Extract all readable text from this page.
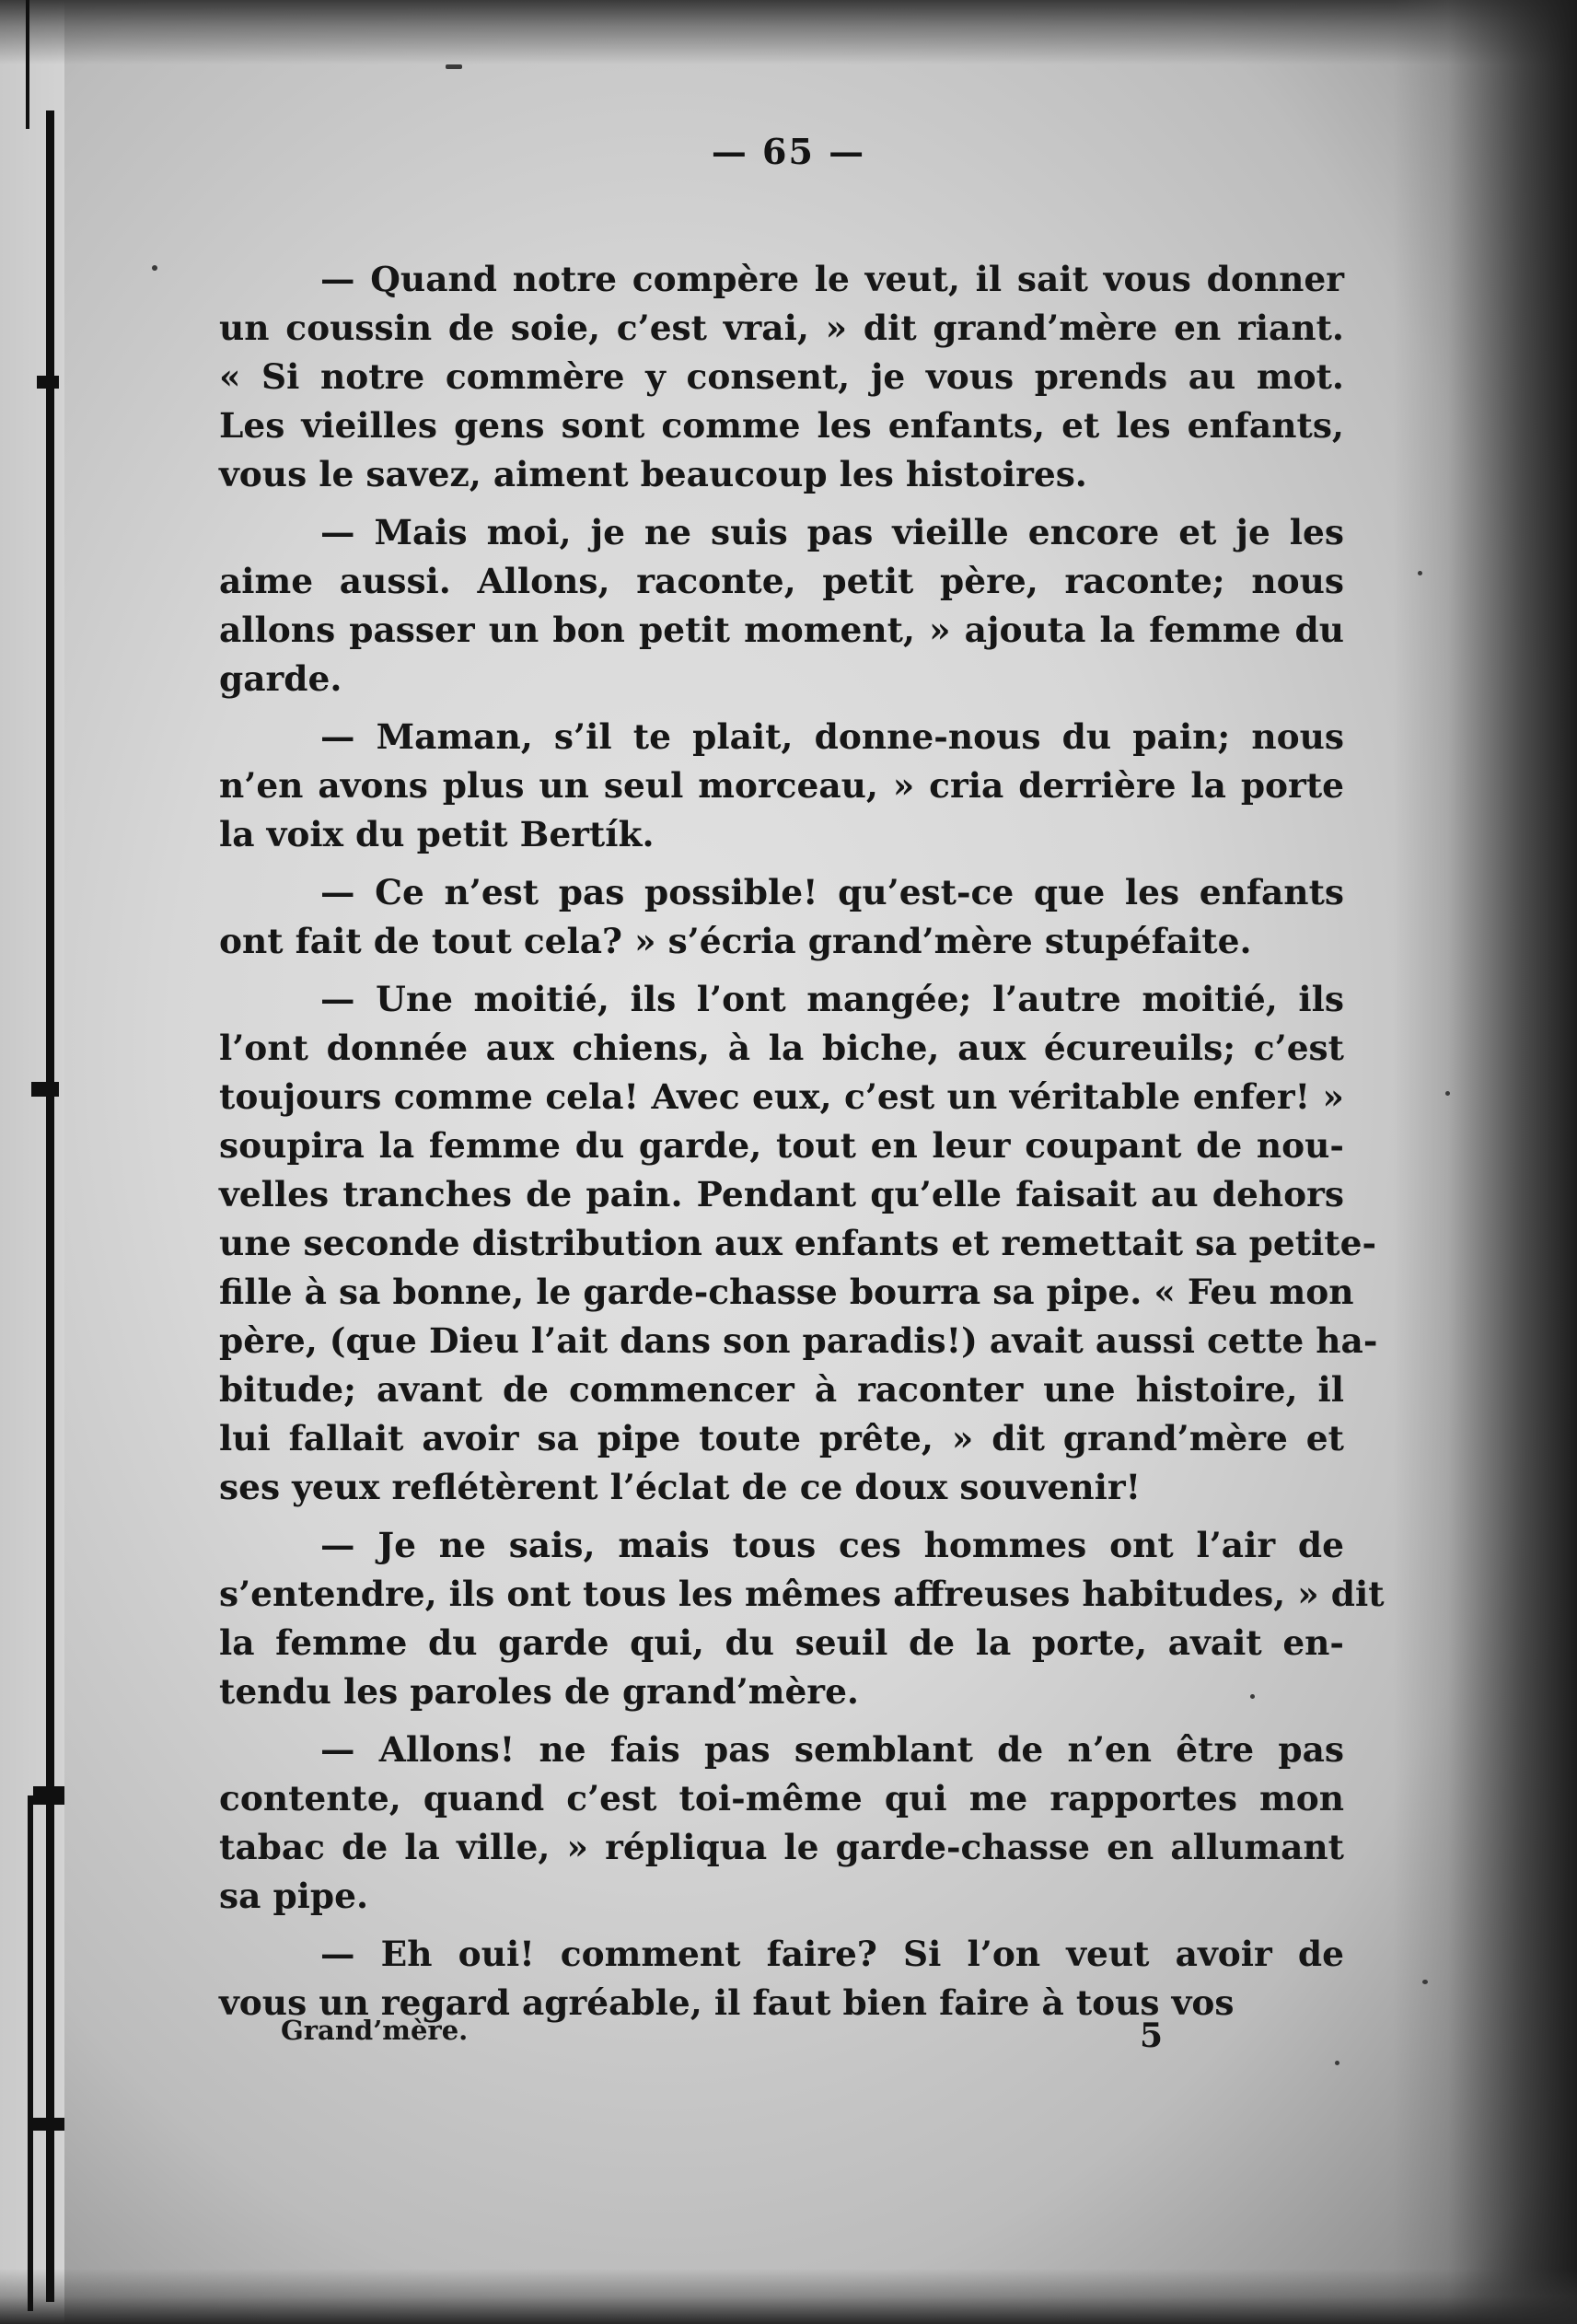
— 65 —
— Quand notre compère le veut, il sait vous donner
un coussin de soie, c’est vrai, » dit grand’mère en riant.
« Si notre commère y consent, je vous prends au mot.
Les vieilles gens sont comme les enfants, et les enfants,
vous le savez, aiment beaucoup les histoires.
— Mais moi, je ne suis pas vieille encore et je les
aime aussi. Allons, raconte, petit père, raconte; nous
allons passer un bon petit moment, » ajouta la femme du
garde.
— Maman, s’il te plait, donne-nous du pain; nous
n’en avons plus un seul morceau, » cria derrière la porte
la voix du petit Bertík.
— Ce n’est pas possible! qu’est-ce que les enfants
ont fait de tout cela? » s’écria grand’mère stupéfaite.
— Une moitié, ils l’ont mangée; l’autre moitié, ils
l’ont donnée aux chiens, à la biche, aux écureuils; c’est
toujours comme cela! Avec eux, c’est un véritable enfer! »
soupira la femme du garde, tout en leur coupant de nou-
velles tranches de pain. Pendant qu’elle faisait au dehors
une seconde distribution aux enfants et remettait sa petite-
fille à sa bonne, le garde-chasse bourra sa pipe. « Feu mon
père, (que Dieu l’ait dans son paradis!) avait aussi cette ha-
bitude; avant de commencer à raconter une histoire, il
lui fallait avoir sa pipe toute prête, » dit grand’mère et
ses yeux reflétèrent l’éclat de ce doux souvenir!
— Je ne sais, mais tous ces hommes ont l’air de
s’entendre, ils ont tous les mêmes affreuses habitudes, » dit
la femme du garde qui, du seuil de la porte, avait en-
tendu les paroles de grand’mère.
— Allons! ne fais pas semblant de n’en être pas
contente, quand c’est toi-même qui me rapportes mon
tabac de la ville, » répliqua le garde-chasse en allumant
sa pipe.
— Eh oui! comment faire? Si l’on veut avoir de
vous un regard agréable, il faut bien faire à tous vos
Grand’mère.	5
